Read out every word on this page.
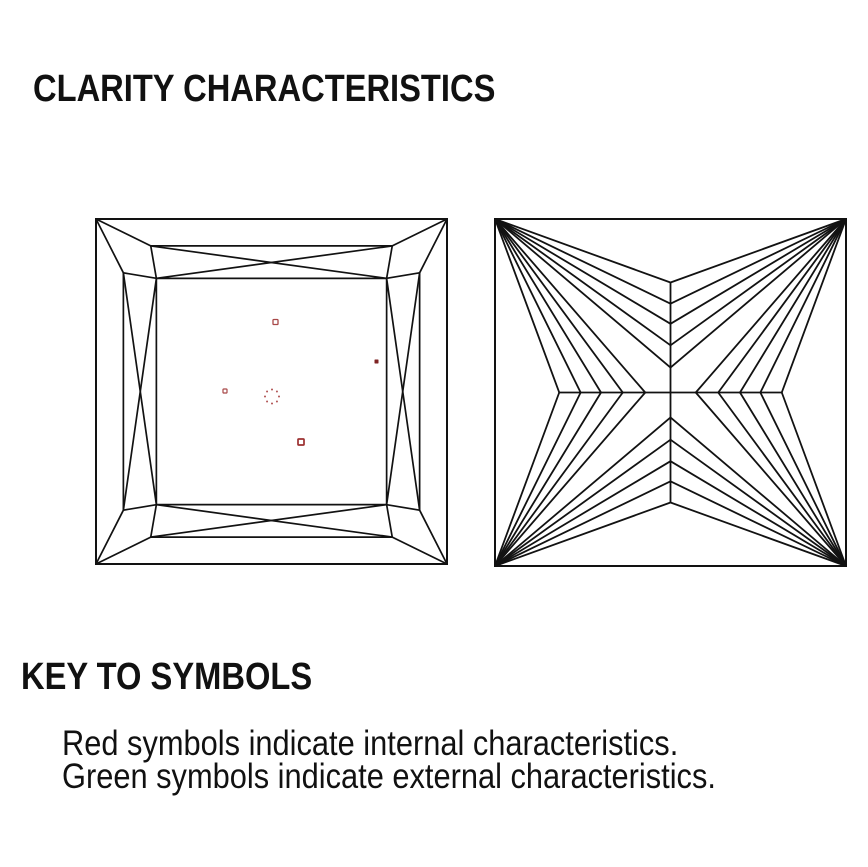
CLARITY CHARACTERISTICS
KEY TO SYMBOLS

Red symbols indicate internal characteristics.

Green symbols indicate external characteristics.
